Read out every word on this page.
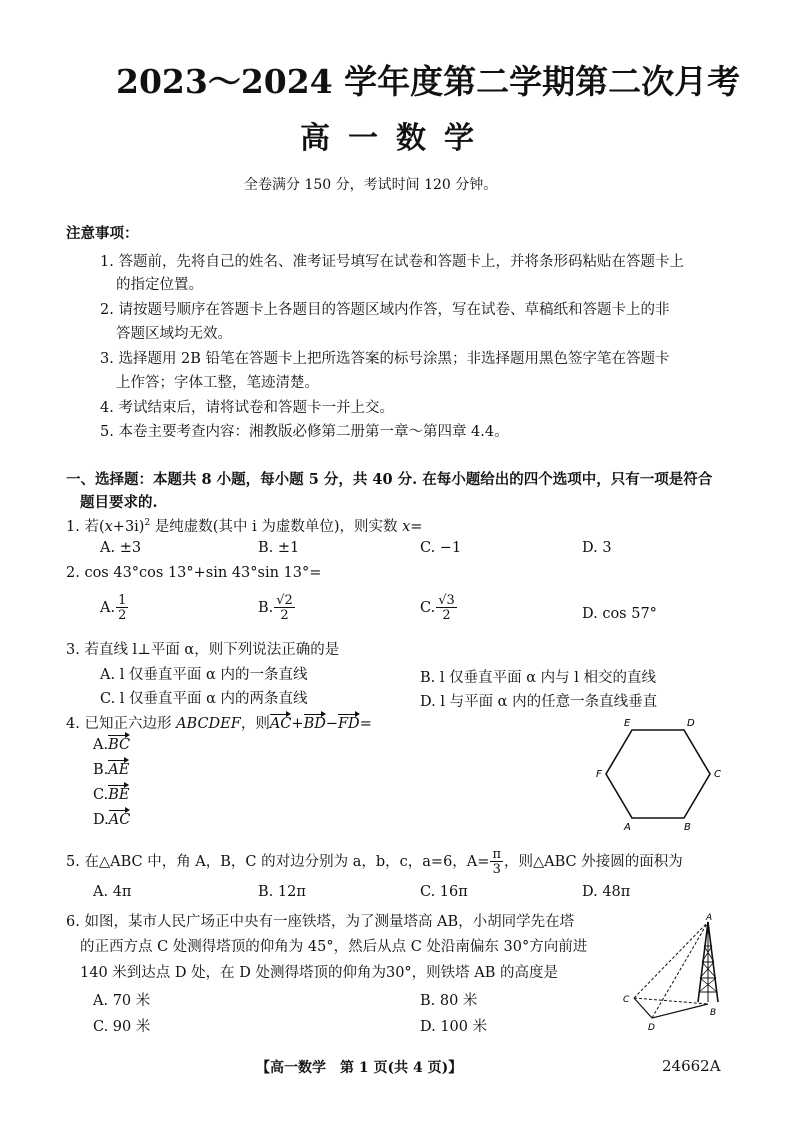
2023～2024 学年度第二学期第二次月考
高一数学
全卷满分 150 分，考试时间 120 分钟。
注意事项：
1. 答题前，先将自己的姓名、准考证号填写在试卷和答题卡上，并将条形码粘贴在答题卡上
的指定位置。
2. 请按题号顺序在答题卡上各题目的答题区域内作答，写在试卷、草稿纸和答题卡上的非
答题区域均无效。
3. 选择题用 2B 铅笔在答题卡上把所选答案的标号涂黑；非选择题用黑色签字笔在答题卡
上作答；字体工整，笔迹清楚。
4. 考试结束后，请将试卷和答题卡一并上交。
5. 本卷主要考查内容：湘教版必修第二册第一章～第四章 4.4。
一、选择题：本题共 8 小题，每小题 5 分，共 40 分. 在每小题给出的四个选项中，只有一项是符合
题目要求的.
1. 若$(x+3i)^2$ 是纯虚数(其中 i 为虚数单位)，则实数 x=
A. ±3	B. ±1	C. −1	D. 3
2. cos 43°cos 13°+sin 43°sin 13°=
A. $\frac{1}{2}$	B. $\frac{√2}{2}$	C. $\frac{√3}{2}$	D. cos 57°
3. 若直线 l⊥平面 α，则下列说法正确的是
A. l 仅垂直平面 α 内的一条直线	B. l 仅垂直平面 α 内与 l 相交的直线
C. l 仅垂直平面 α 内的两条直线	D. l 与平面 α 内的任意一条直线垂直
4. 已知正六边形 ABCDEF，则AC+BD−FD=
A.BC
B.AE
C.BE
D.AC
E	D
F	C
A	B
5. 在△ABC 中，角 A，B，C 的对边分别为 a，b，c，a=6，$A= \frac{\pi}{3}$ ，则△ABC 外接圆的面积为
A. 4π	B. 12π	C. 16π	D. 48π
6. 如图，某市人民广场正中央有一座铁塔，为了测量塔高 AB，小胡同学先在塔
的正西方点 C 处测得塔顶的仰角为 45°，然后从点 C 处沿南偏东 30°方向前进
140 米到达点 D 处，在 D 处测得塔顶的仰角为30°，则铁塔 AB 的高度是
A. 70 米	B. 80 米
C. 90 米	D. 100 米
A
B
C
D
【高一数学　第 1 页(共 4 页)】	24662A
